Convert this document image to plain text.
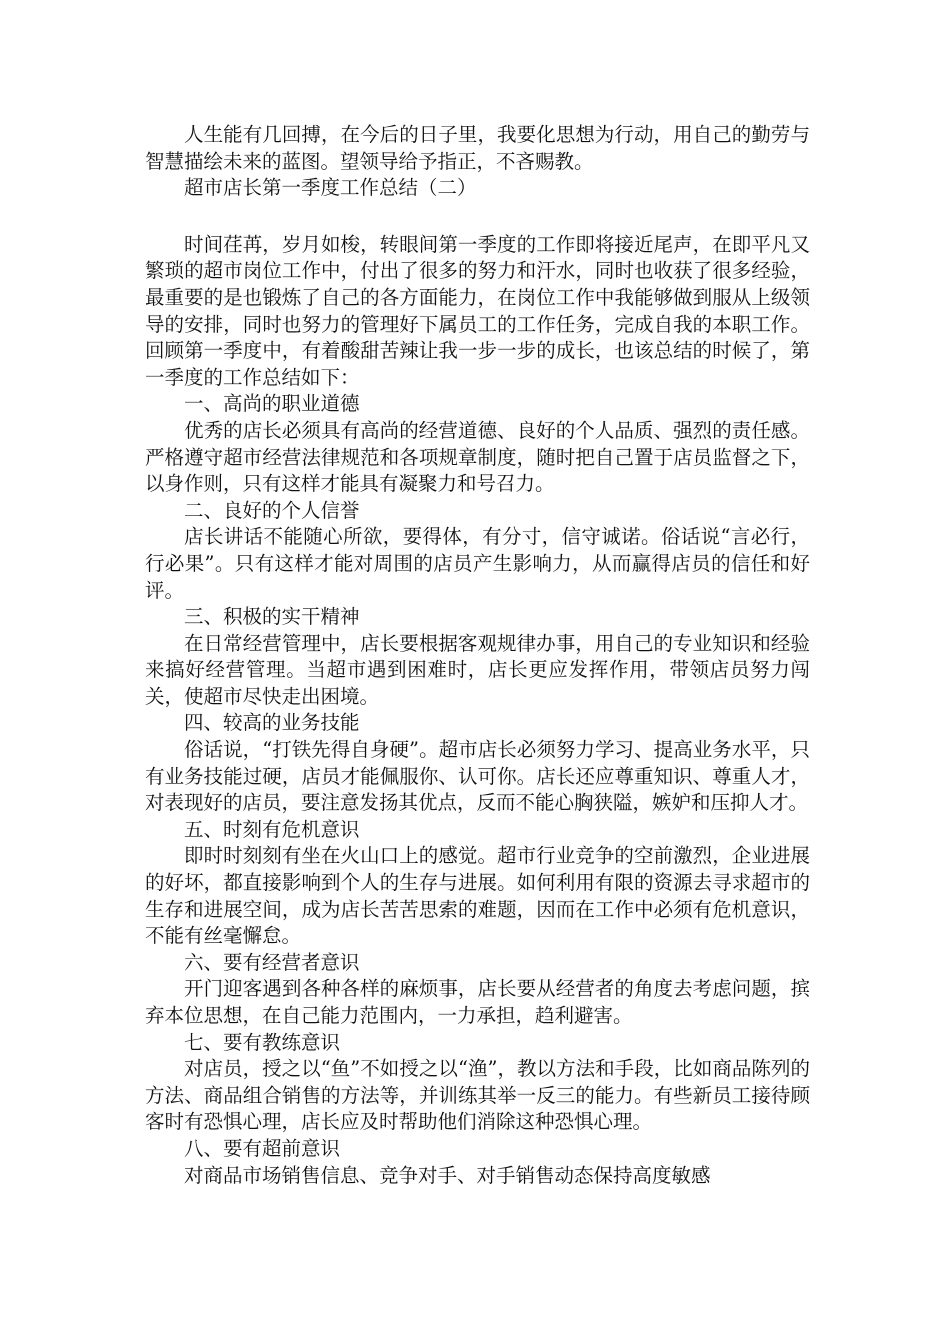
人生能有几回搏，在今后的日子里，我要化思想为行动，用自己的勤劳与智慧描绘未来的蓝图。望领导给予指正，不吝赐教。

超市店长第一季度工作总结（二）

时间荏苒，岁月如梭，转眼间第一季度的工作即将接近尾声，在即平凡又繁琐的超市岗位工作中，付出了很多的努力和汗水，同时也收获了很多经验，最重要的是也锻炼了自己的各方面能力，在岗位工作中我能够做到服从上级领导的安排，同时也努力的管理好下属员工的工作任务，完成自我的本职工作。回顾第一季度中，有着酸甜苦辣让我一步一步的成长，也该总结的时候了，第一季度的工作总结如下：

一、高尚的职业道德

优秀的店长必须具有高尚的经营道德、良好的个人品质、强烈的责任感。严格遵守超市经营法律规范和各项规章制度，随时把自己置于店员监督之下，以身作则，只有这样才能具有凝聚力和号召力。

二、良好的个人信誉

店长讲话不能随心所欲，要得体，有分寸，信守诚诺。俗话说“言必行，行必果”。只有这样才能对周围的店员产生影响力，从而赢得店员的信任和好评。

三、积极的实干精神

在日常经营管理中，店长要根据客观规律办事，用自己的专业知识和经验来搞好经营管理。当超市遇到困难时，店长更应发挥作用，带领店员努力闯关，使超市尽快走出困境。

四、较高的业务技能

俗话说，“打铁先得自身硬”。超市店长必须努力学习、提高业务水平，只有业务技能过硬，店员才能佩服你、认可你。店长还应尊重知识、尊重人才，对表现好的店员，要注意发扬其优点，反而不能心胸狭隘，嫉妒和压抑人才。

五、时刻有危机意识

即时时刻刻有坐在火山口上的感觉。超市行业竞争的空前激烈，企业进展的好坏，都直接影响到个人的生存与进展。如何利用有限的资源去寻求超市的生存和进展空间，成为店长苦苦思索的难题，因而在工作中必须有危机意识，不能有丝毫懈怠。

六、要有经营者意识

开门迎客遇到各种各样的麻烦事，店长要从经营者的角度去考虑问题，摈弃本位思想，在自己能力范围内，一力承担，趋利避害。

七、要有教练意识

对店员，授之以“鱼”不如授之以“渔”，教以方法和手段，比如商品陈列的方法、商品组合销售的方法等，并训练其举一反三的能力。有些新员工接待顾客时有恐惧心理，店长应及时帮助他们消除这种恐惧心理。

八、要有超前意识

对商品市场销售信息、竞争对手、对手销售动态保持高度敏感
